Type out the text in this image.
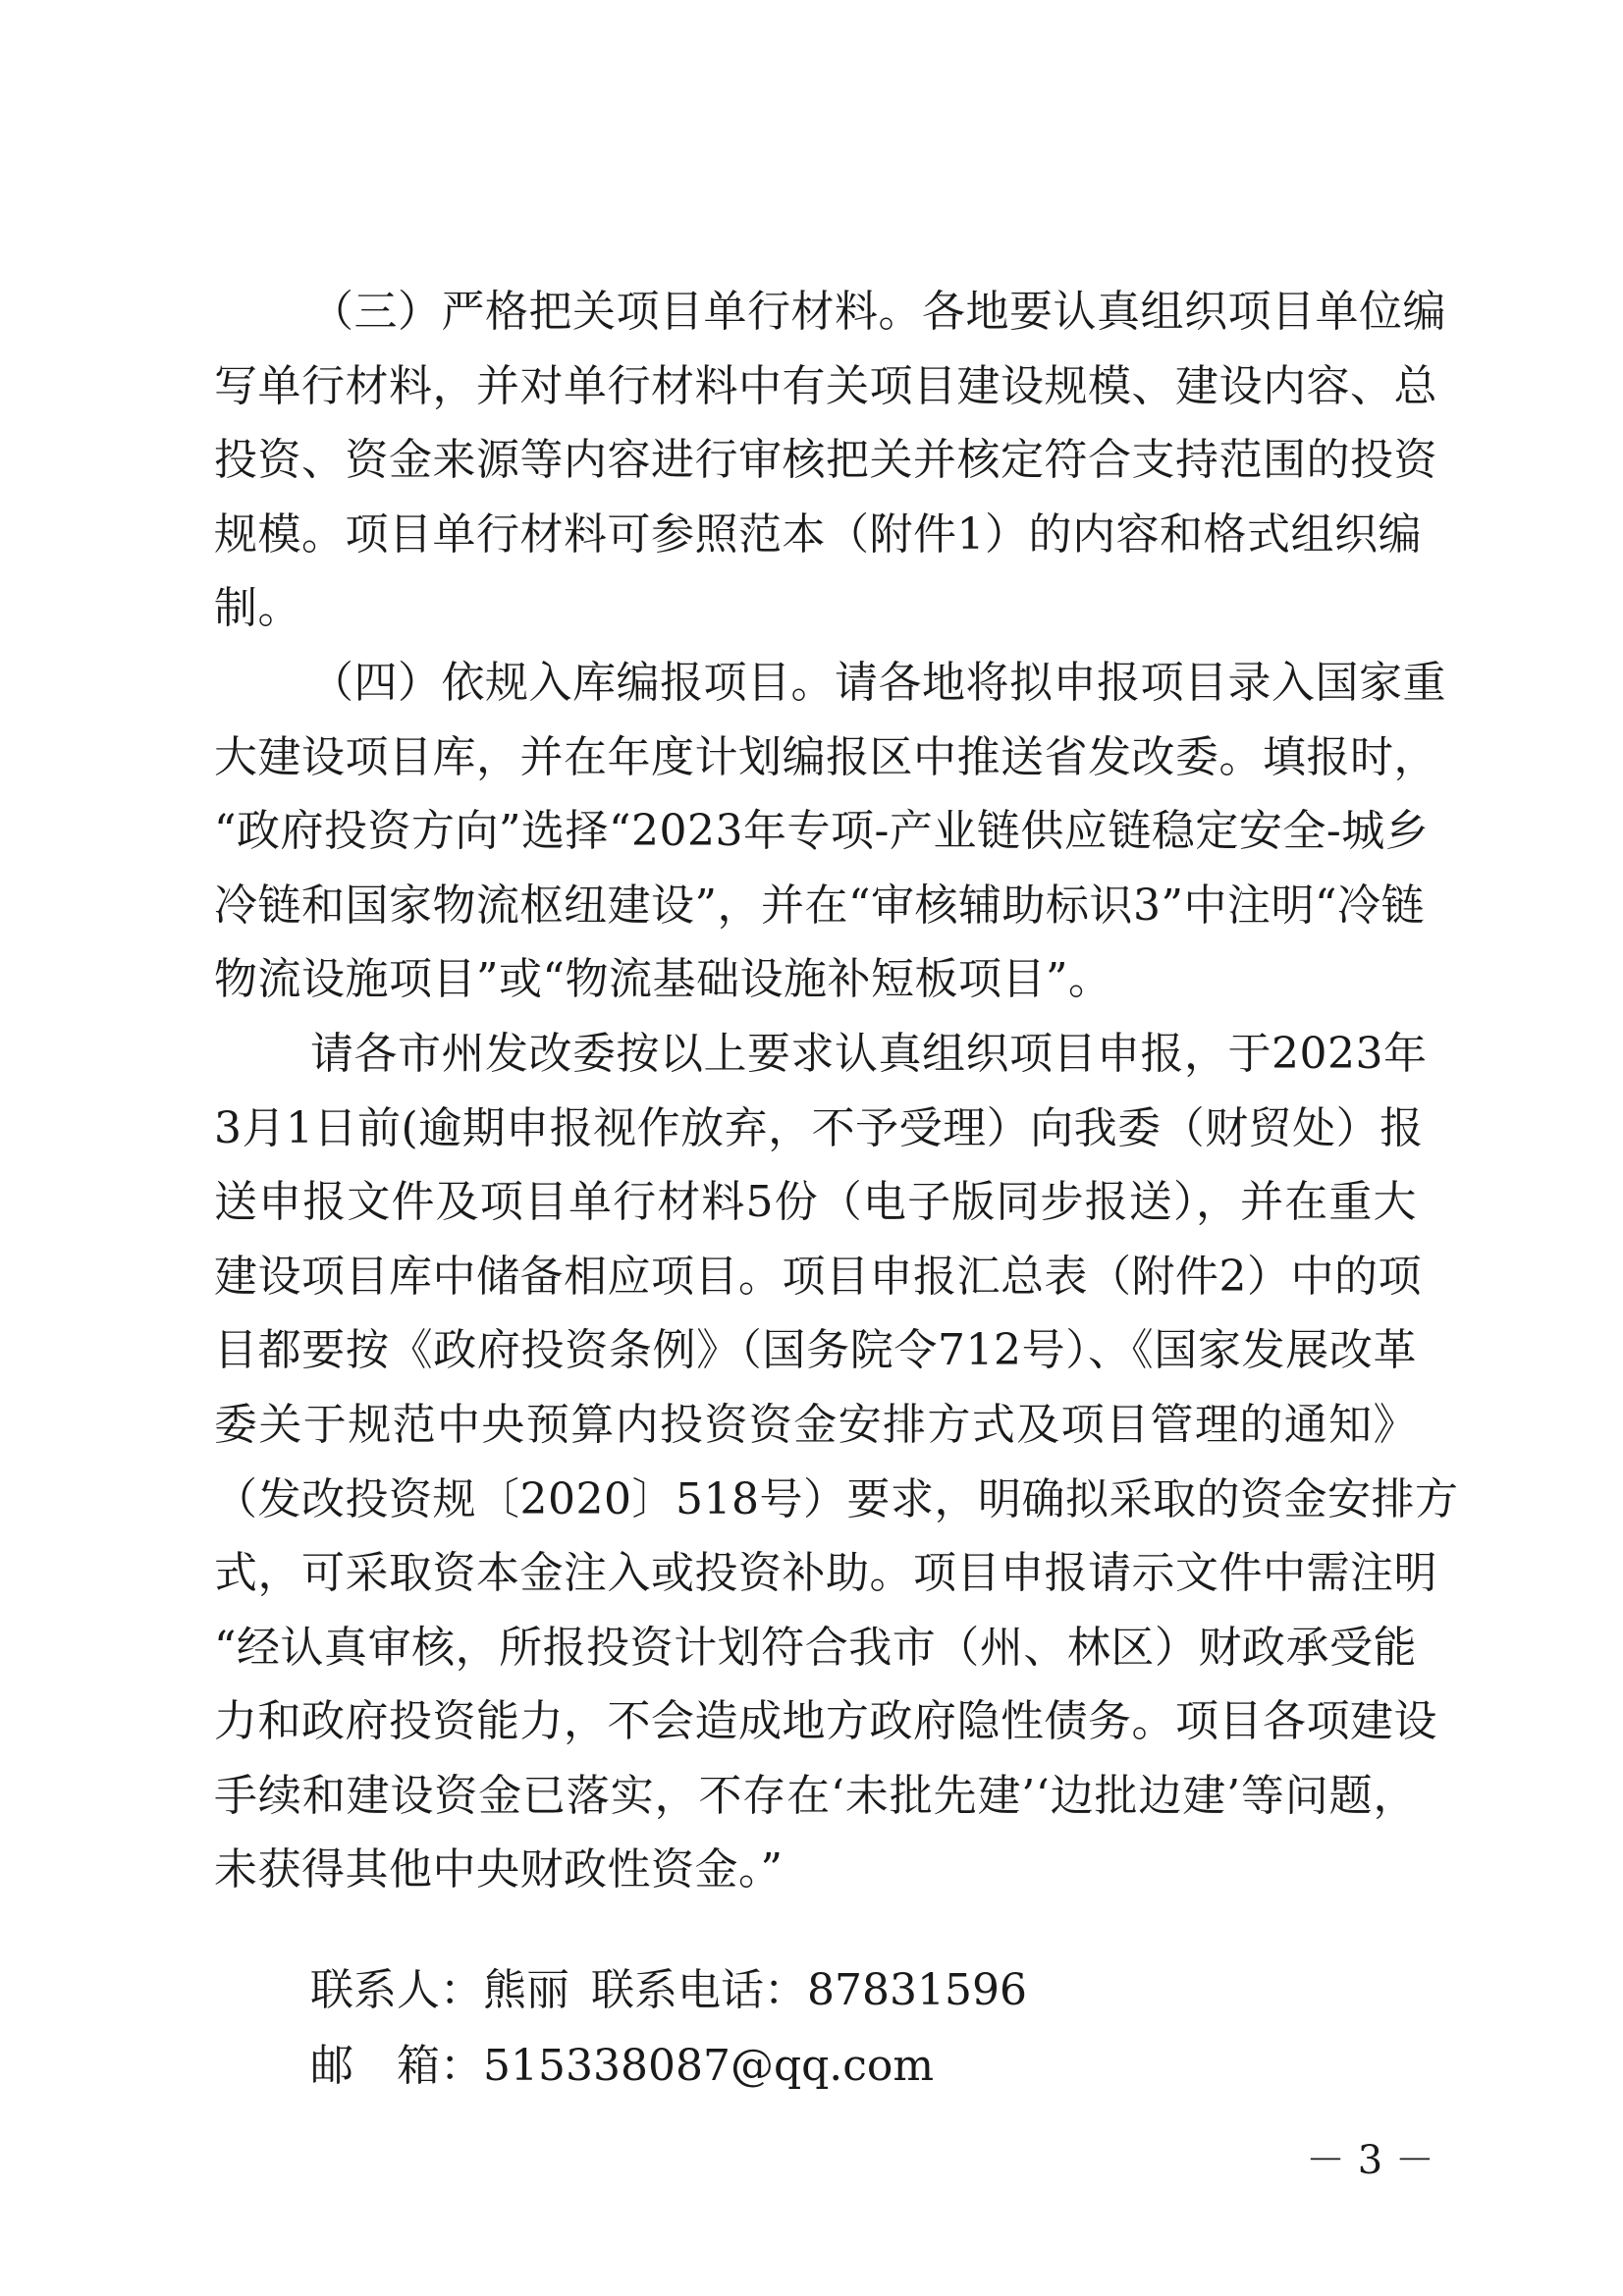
（三）严格把关项目单行材料。各地要认真组织项目单位编
写单行材料，并对单行材料中有关项目建设规模、建设内容、总
投资、资金来源等内容进行审核把关并核定符合支持范围的投资
规模。项目单行材料可参照范本（附件1）的内容和格式组织编
制。
（四）依规入库编报项目。请各地将拟申报项目录入国家重
大建设项目库，并在年度计划编报区中推送省发改委。填报时，
“政府投资方向”选择“2023年专项-产业链供应链稳定安全-城乡
冷链和国家物流枢纽建设”，并在“审核辅助标识3”中注明“冷链
物流设施项目”或“物流基础设施补短板项目”。
请各市州发改委按以上要求认真组织项目申报，于2023年
3月1日前(逾期申报视作放弃，不予受理）向我委（财贸处）报
送申报文件及项目单行材料5份（电子版同步报送），并在重大
建设项目库中储备相应项目。项目申报汇总表（附件2）中的项
目都要按《政府投资条例》（国务院令712号）、《国家发展改革
委关于规范中央预算内投资资金安排方式及项目管理的通知》
（发改投资规〔2020〕518号）要求，明确拟采取的资金安排方
式，可采取资本金注入或投资补助。项目申报请示文件中需注明
“经认真审核，所报投资计划符合我市（州、林区）财政承受能
力和政府投资能力，不会造成地方政府隐性债务。项目各项建设
手续和建设资金已落实，不存在‘未批先建’‘边批边建’等问题，
未获得其他中央财政性资金。”
联系人：熊丽 联系电话：87831596
邮　箱：515338087@qq.com
－ 3 －
